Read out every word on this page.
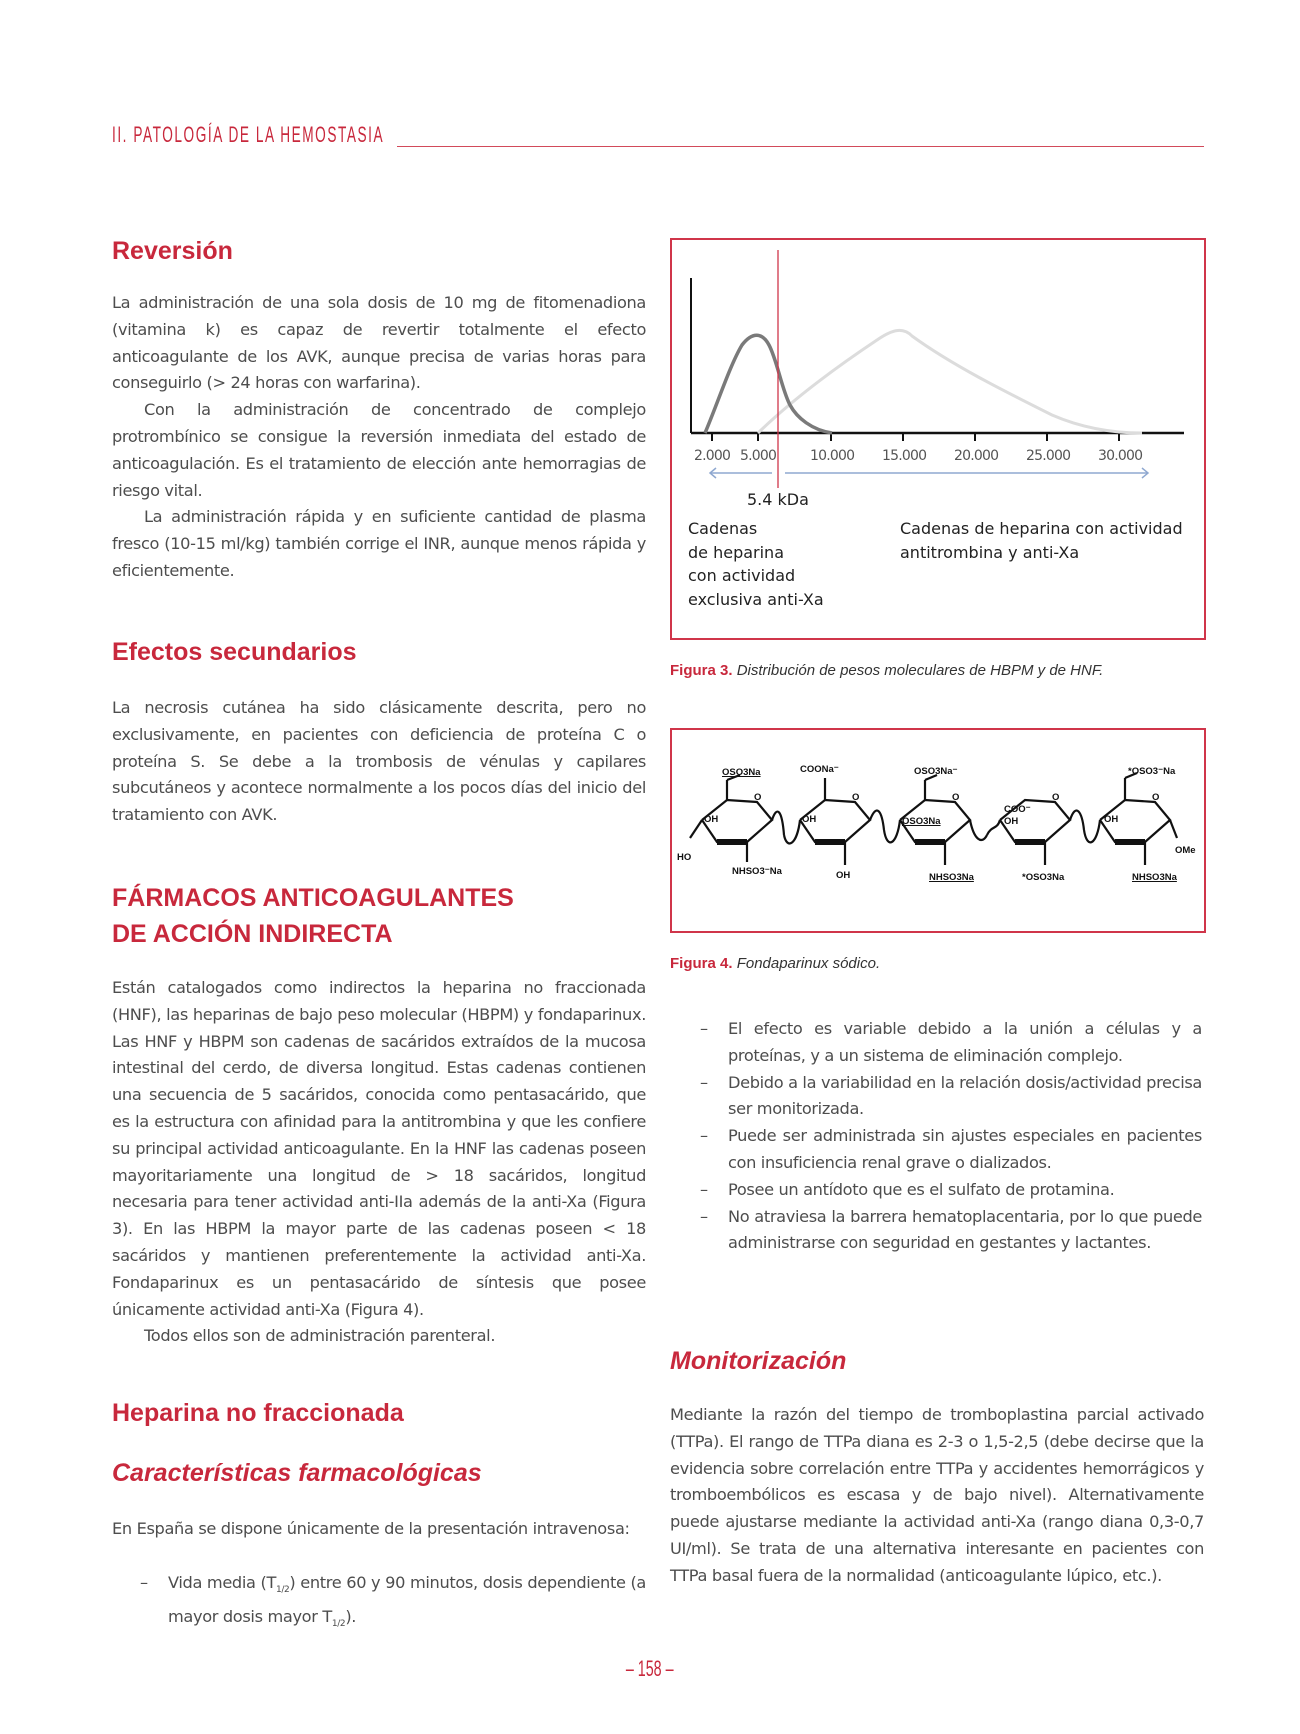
II. PATOLOGÍA DE LA HEMOSTASIA
Reversión

La administración de una sola dosis de 10 mg de fitomenadiona (vitamina k) es capaz de revertir totalmente el efecto anticoagulante de los AVK, aunque precisa de varias horas para conseguirlo (> 24 horas con warfarina).

Con la administración de concentrado de complejo protrombínico se consigue la reversión inmediata del estado de anticoagulación. Es el tratamiento de elección ante hemorragias de riesgo vital.

La administración rápida y en suficiente cantidad de plasma fresco (10-15 ml/kg) también corrige el INR, aunque menos rápida y eficientemente.

Efectos secundarios

La necrosis cutánea ha sido clásicamente descrita, pero no exclusivamente, en pacientes con deficiencia de proteína C o proteína S. Se debe a la trombosis de vénulas y capilares subcutáneos y acontece normalmente a los pocos días del inicio del tratamiento con AVK.

FÁRMACOS ANTICOAGULANTES
DE ACCIÓN INDIRECTA

Están catalogados como indirectos la heparina no fraccionada (HNF), las heparinas de bajo peso molecular (HBPM) y fondaparinux. Las HNF y HBPM son cadenas de sacáridos extraídos de la mucosa intestinal del cerdo, de diversa longitud. Estas cadenas contienen una secuencia de 5 sacáridos, conocida como pentasacárido, que es la estructura con afinidad para la antitrombina y que les confiere su principal actividad anticoagulante. En la HNF las cadenas poseen mayoritariamente una longitud de > 18 sacáridos, longitud necesaria para tener actividad anti-IIa además de la anti-Xa (Figura 3). En las HBPM la mayor parte de las cadenas poseen < 18 sacáridos y mantienen preferentemente la actividad anti-Xa. Fondaparinux es un pentasacárido de síntesis que posee únicamente actividad anti-Xa (Figura 4).

Todos ellos son de administración parenteral.

Heparina no fraccionada
Características farmacológicas

En España se dispone únicamente de la presentación intravenosa:

– Vida media $(T_{1/2})$ entre 60 y 90 minutos, dosis dependiente (a mayor dosis mayor $T_{1/2}$).
2.000 5.000 10.000 15.000 20.000 25.000 30.000
5.4 kDa
Cadenas
de heparina
con actividad
exclusiva anti-Xa
Cadenas de heparina con actividad
antitrombina y anti-Xa
Figura 3. Distribución de pesos moleculares de HBPM y de HNF.
OSO3Na
OH
HO
NHSO3⁻Na
COONa⁻
OH
OH
OSO3Na⁻
OSO3Na
NHSO3Na
COO⁻
OH
*OSO3Na
*OSO3⁻Na
OH
OMe
NHSO3Na
O	O	O	O	O
Figura 4. Fondaparinux sódico.
– El efecto es variable debido a la unión a células y a proteínas, y a un sistema de eliminación complejo.
– Debido a la variabilidad en la relación dosis/actividad precisa ser monitorizada.
– Puede ser administrada sin ajustes especiales en pacientes con insuficiencia renal grave o dializados.
– Posee un antídoto que es el sulfato de protamina.
– No atraviesa la barrera hematoplacentaria, por lo que puede administrarse con seguridad en gestantes y lactantes.
Monitorización

Mediante la razón del tiempo de tromboplastina parcial activado (TTPa). El rango de TTPa diana es 2-3 o 1,5-2,5 (debe decirse que la evidencia sobre correlación entre TTPa y accidentes hemorrágicos y tromboembólicos es escasa y de bajo nivel). Alternativamente puede ajustarse mediante la actividad anti-Xa (rango diana 0,3-0,7 UI/ml). Se trata de una alternativa interesante en pacientes con TTPa basal fuera de la normalidad (anticoagulante lúpico, etc.).

– 158 –
